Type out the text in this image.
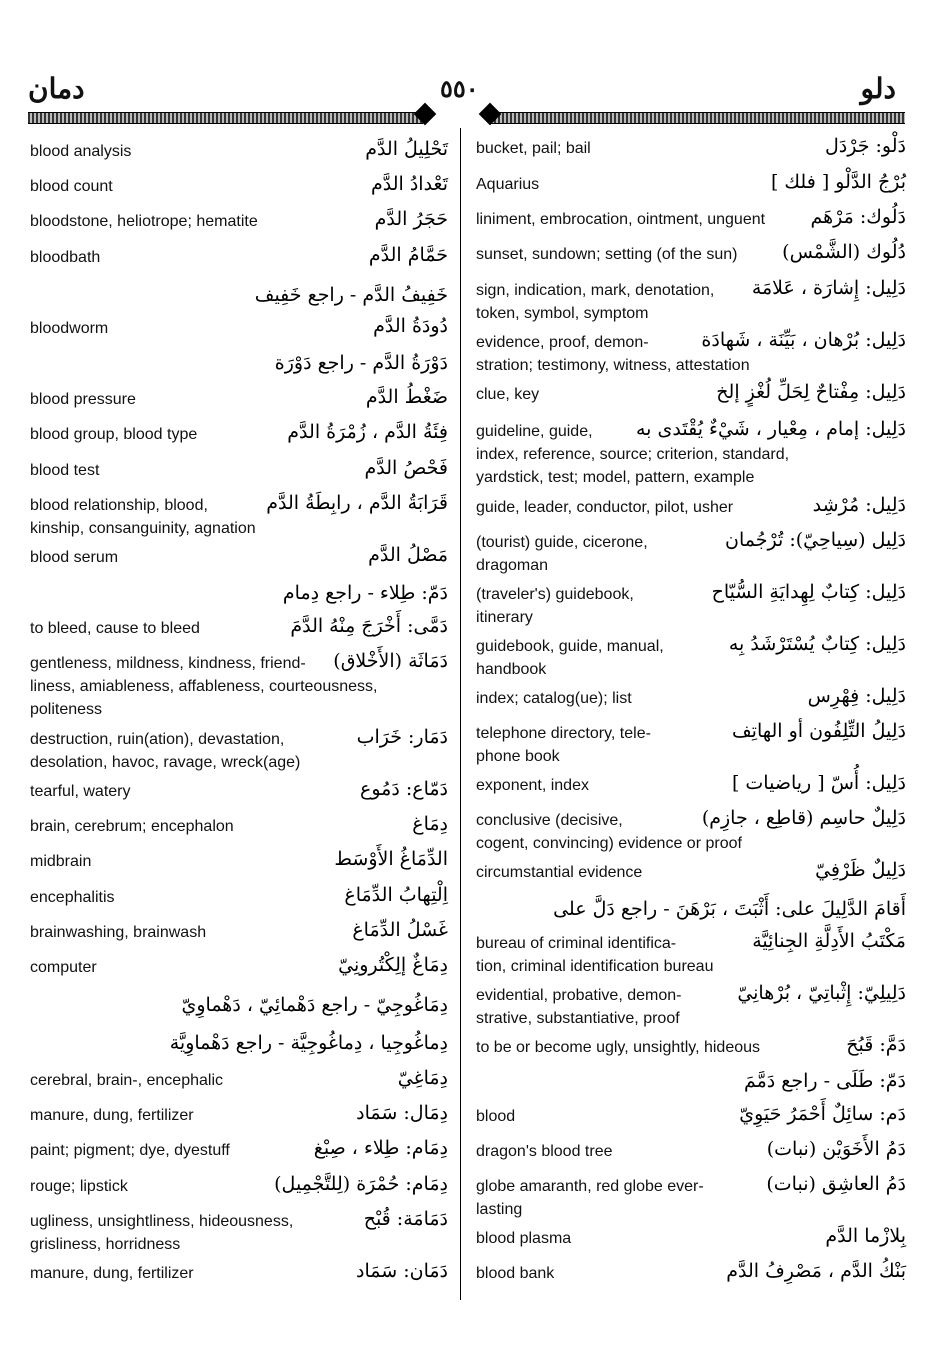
دمان	٥٥٠	دلو
تَحْلِيلُ الدَّم
blood analysis
تَعْدادُ الدَّم
blood count
حَجَرُ الدَّم
bloodstone, heliotrope; hematite
حَمَّامُ الدَّم
bloodbath
خَفِيفُ الدَّم - راجع خَفِيف
دُودَةُ الدَّم
bloodworm
دَوْرَةُ الدَّم - راجع دَوْرَة
ضَغْطُ الدَّم
blood pressure
فِئَةُ الدَّم ، زُمْرَةُ الدَّم
blood group, blood type
فَحْصُ الدَّم
blood test
قَرَابَةُ الدَّم ، رابِطَةُ الدَّم
blood relationship, blood,
kinship, consanguinity, agnation
مَصْلُ الدَّم
blood serum
دَمّ: طِلاء - راجع دِمام
دَمَّى: أَخْرَجَ مِنْهُ الدَّمَ
to bleed, cause to bleed
دَمَاثَة (الأَخْلاق)
gentleness, mildness, kindness, friend-
liness, amiableness, affableness, courteousness,
politeness
دَمَار: خَرَاب
destruction, ruin(ation), devastation,
desolation, havoc, ravage, wreck(age)
دَمّاع: دَمُوع
tearful, watery
دِمَاغ
brain, cerebrum; encephalon
الدِّمَاغُ الأَوْسَط
midbrain
اِلْتِهابُ الدِّمَاغ
encephalitis
غَسْلُ الدِّمَاغ
brainwashing, brainwash
دِمَاغٌ إلِكْتُرونِيّ
computer
دِمَاغُوجِيّ - راجع دَهْمائِيّ ، دَهْماوِيّ
دِماغُوجِيا ، دِماغُوجِيَّة - راجع دَهْماوِيَّة
دِمَاغِيّ
cerebral, brain-, encephalic
دِمَال: سَمَاد
manure, dung, fertilizer
دِمَام: طِلاء ، صِبْغ
paint; pigment; dye, dyestuff
دِمَام: حُمْرَة (لِلتَّجْمِيل)
rouge; lipstick
دَمَامَة: قُبْح
ugliness, unsightliness, hideousness,
grisliness, horridness
دَمَان: سَمَاد
manure, dung, fertilizer
دَلْو: جَرْدَل
bucket, pail; bail
بُرْجُ الدَّلْو [ فلك ]
Aquarius
دَلُوك: مَرْهَم
liniment, embrocation, ointment, unguent
دُلُوك (الشَّمْس)
sunset, sundown; setting (of the sun)
دَلِيل: إِشارَة ، عَلامَة
sign, indication, mark, denotation,
token, symbol, symptom
دَلِيل: بُرْهان ، بَيِّنَة ، شَهادَة
evidence, proof, demon-
stration; testimony, witness, attestation
دَلِيل: مِفْتاحٌ لِحَلِّ لُغْزٍ إلخ
clue, key
دَلِيل: إمام ، مِعْيار ، شَيْءٌ يُقْتَدى به
guideline, guide,
index, reference, source; criterion, standard,
yardstick, test; model, pattern, example
دَلِيل: مُرْشِد
guide, leader, conductor, pilot, usher
دَلِيل (سِياحِيّ): تُرْجُمان
(tourist) guide, cicerone,
dragoman
دَلِيل: كِتابٌ لِهِدايَةِ السُّيّاح
(traveler's) guidebook,
itinerary
دَلِيل: كِتابٌ يُسْتَرْشَدُ بِه
guidebook, guide, manual,
handbook
دَلِيل: فِهْرِس
index; catalog(ue); list
دَلِيلُ التِّلِفُون أو الهاتِف
telephone directory, tele-
phone book
دَلِيل: أُسّ [ رياضيات ]
exponent, index
دَلِيلٌ حاسِم (قاطِع ، جازِم)
conclusive (decisive,
cogent, convincing) evidence or proof
دَلِيلٌ ظَرْفِيّ
circumstantial evidence
أَقامَ الدَّلِيلَ على: أَثْبَتَ ، بَرْهَنَ - راجع دَلَّ على
مَكْتَبُ الأَدِلَّةِ الجِنائِيَّة
bureau of criminal identifica-
tion, criminal identification bureau
دَلِيلِيّ: إِثْباتِيّ ، بُرْهانِيّ
evidential, probative, demon-
strative, substantiative, proof
دَمَّ: قَبُحَ
to be or become ugly, unsightly, hideous
دَمّ: طَلَى - راجع دَمَّمَ
دَم: سائِلٌ أَحْمَرُ حَيَوِيّ
blood
دَمُ الأَخَوَيْن (نبات)
dragon's blood tree
دَمُ العاشِق (نبات)
globe amaranth, red globe ever-
lasting
بِلازْما الدَّم
blood plasma
بَنْكُ الدَّم ، مَصْرِفُ الدَّم
blood bank
